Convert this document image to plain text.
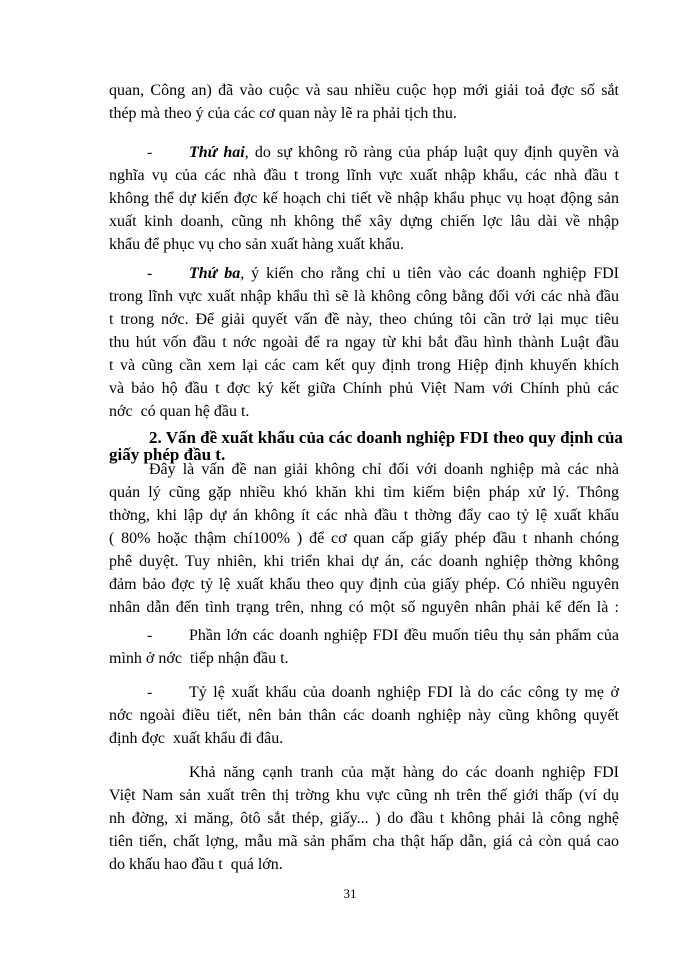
quan, Công an) đã vào cuộc và sau nhiều cuộc họp mới giải toả đợc số sắt
thép mà theo ý của các cơ quan này lẽ ra phải tịch thu.
-	Thứ hai, do sự không rõ ràng của pháp luật quy định quyền và
nghĩa vụ của các nhà đầu t trong lĩnh vực xuất nhập khẩu, các nhà đầu t
không thể dự kiến đợc kế hoạch chi tiết về nhập khẩu phục vụ hoạt động sản
xuất kinh doanh, cũng nh không thể xây dựng chiến lợc lâu dài về nhập
khẩu để phục vụ cho sản xuất hàng xuất khẩu.
-	Thứ ba, ý kiến cho rằng chỉ u tiên vào các doanh nghiệp FDI
trong lĩnh vực xuất nhập khẩu thì sẽ là không công bằng đối với các nhà đầu
t trong nớc. Để giải quyết vấn đề này, theo chúng tôi cần trở lại mục tiêu
thu hút vốn đầu t nớc ngoài để ra ngay từ khi bắt đầu hình thành Luật đầu
t và cũng cần xem lại các cam kết quy định trong Hiệp định khuyến khích
và bảo hộ đầu t đợc ký kết giữa Chính phủ Việt Nam với Chính phủ các
nớc  có quan hệ đầu t.
2. Vấn đề xuất khẩu của các doanh nghiệp FDI theo quy định của
giấy phép đầu t.
Đây là vấn đề nan giải không chỉ đối với doanh nghiệp mà các nhà
quản lý cũng gặp nhiều khó khăn khi tìm kiếm biện pháp xử lý. Thông
thờng, khi lập dự án không ít các nhà đầu t thờng đẩy cao tỷ lệ xuất khẩu
( 80% hoặc thậm chí100% ) để cơ quan cấp giấy phép đầu t nhanh chóng
phê duyệt. Tuy nhiên, khi triển khai dự án, các doanh nghiệp thờng không
đảm bảo đợc tỷ lệ xuất khẩu theo quy định của giấy phép. Có nhiều nguyên
nhân dẫn đến tình trạng trên, nhng có một số nguyên nhân phải kể đến là :
-	Phần lớn các doanh nghiệp FDI đều muốn tiêu thụ sản phẩm của
mình ở nớc  tiếp nhận đầu t.
-	Tỷ lệ xuất khẩu của doanh nghiệp FDI là do các công ty mẹ ở
nớc ngoài điều tiết, nên bản thân các doanh nghiệp này cũng không quyết
định đợc  xuất khẩu đi đâu.
Khả năng cạnh tranh của mặt hàng do các doanh nghiệp FDI
Việt Nam sản xuất trên thị trờng khu vực cũng nh trên thế giới thấp (ví dụ
nh đờng, xi măng, ôtô sắt thép, giấy... ) do đầu t không phải là công nghệ
tiên tiến, chất lợng, mẫu mã sản phẩm cha thật hấp dẫn, giá cả còn quá cao
do khấu hao đầu t  quá lớn.
31
